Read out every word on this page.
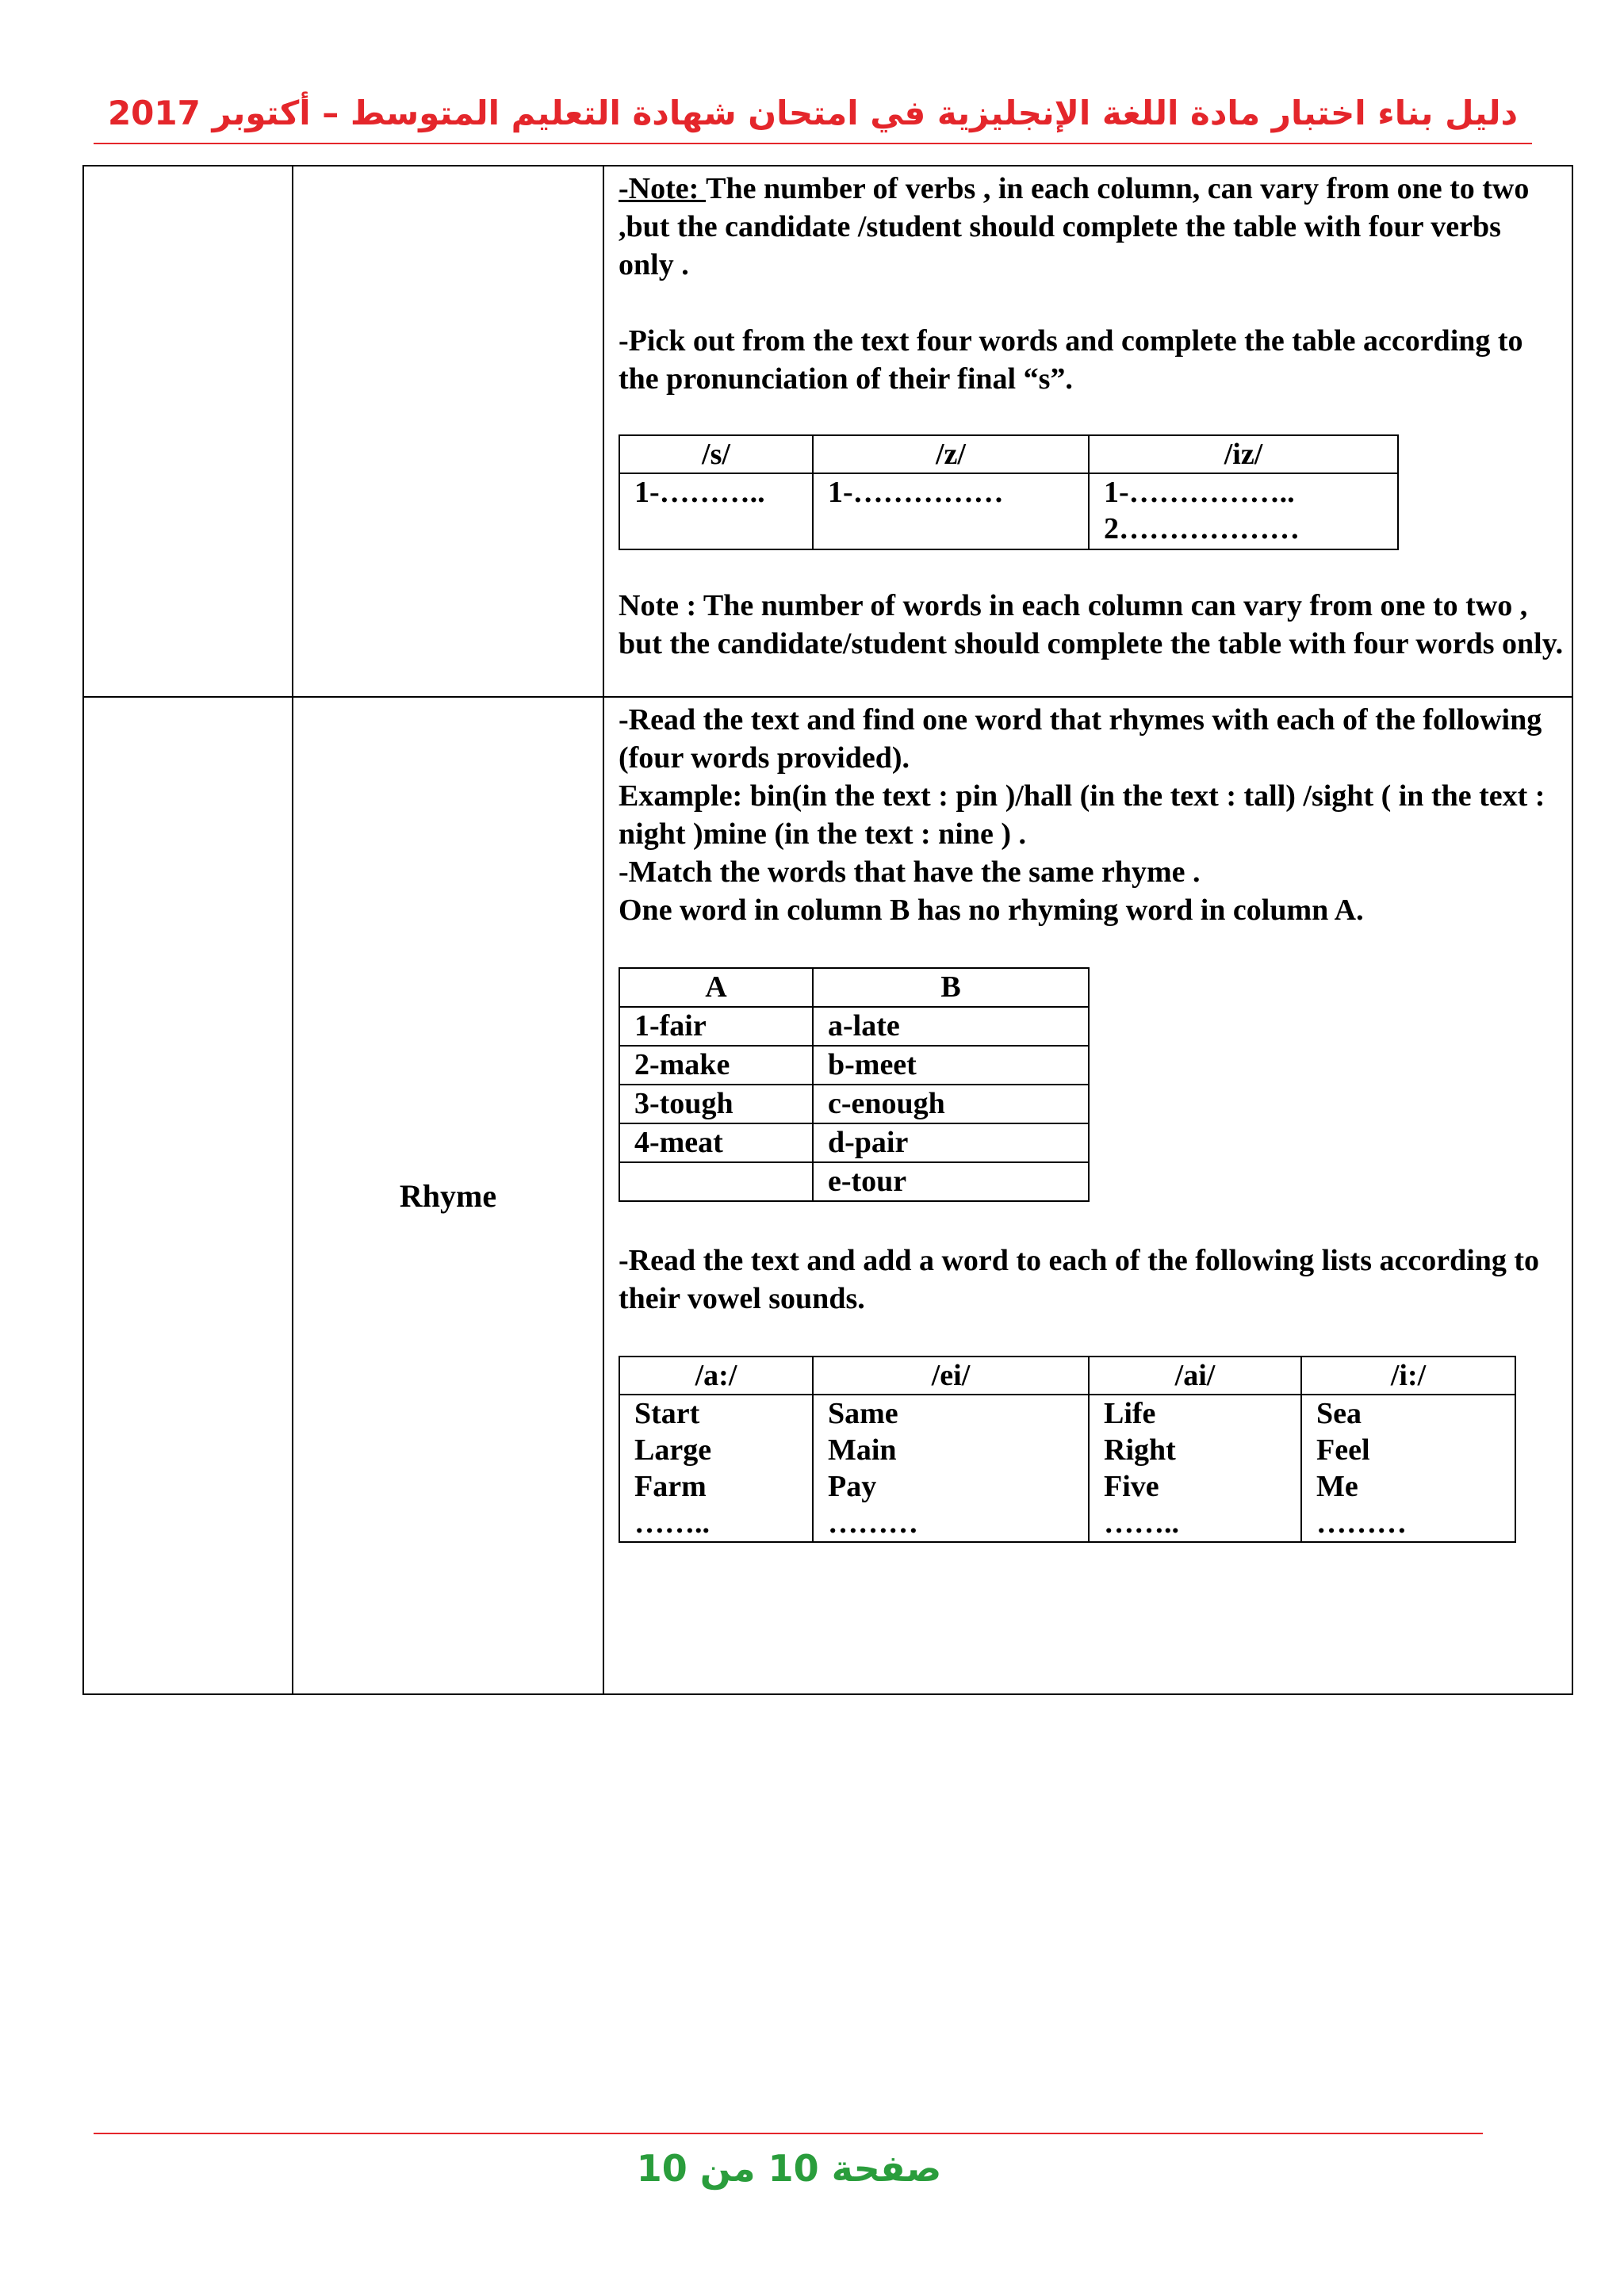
دليل بناء اختبار مادة اللغة الإنجليزية في امتحان شهادة التعليم المتوسط – أكتوبر 2017

-Note: The number of verbs , in each column, can vary from one to two ,but the candidate /student should complete the table with four verbs only .

-Pick out from the text four words and complete the table according to the pronunciation of their final “s”.

/s/	/z/	/iz/
1-………..	1-……………	1-……………..
2………………

Note : The number of words in each column can vary from one to two , but the candidate/student should complete the table with four words only.

	Rhyme	

-Read the text and find one word that rhymes with each of the following (four words provided).

Example: bin(in the text : pin )/hall (in the text : tall) /sight ( in the text : night )mine (in the text : nine ) .

-Match the words that have the same rhyme .

One word in column B has no rhyming word in column A.

A	B
1-fair	a-late
2-make	b-meet
3-tough	c-enough
4-meat	d-pair
	e-tour

-Read the text and add a word to each of the following lists according to their vowel sounds.

/a:/	/ei/	/ai/	/i:/

Start
Large
Farm
……..

Same
Main
Pay
………

Life
Right
Five
……..

Sea
Feel
Me
………
صفحة 10 من 10
